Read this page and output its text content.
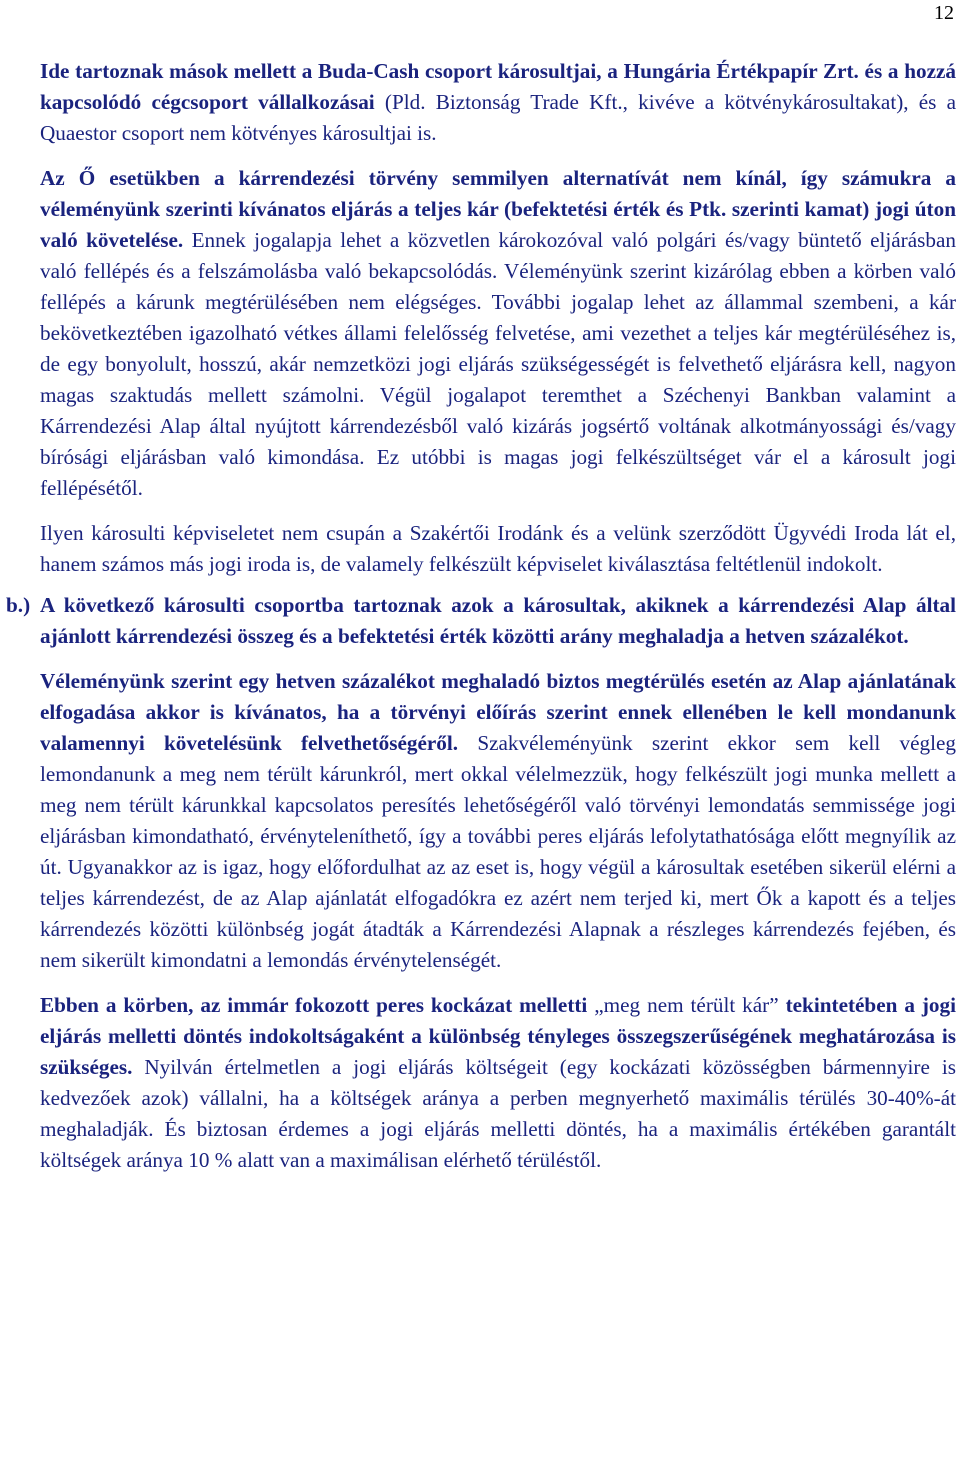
12

Ide tartoznak mások mellett a Buda-Cash csoport károsultjai, a Hungária Értékpapír Zrt. és a hozzá kapcsolódó cégcsoport vállalkozásai (Pld. Biztonság Trade Kft., kivéve a kötvénykárosultakat), és a Quaestor csoport nem kötvényes károsultjai is.

Az Ő esetükben a kárrendezési törvény semmilyen alternatívát nem kínál, így számukra a véleményünk szerinti kívánatos eljárás a teljes kár (befektetési érték és Ptk. szerinti kamat) jogi úton való követelése. Ennek jogalapja lehet a közvetlen károkozóval való polgári és/vagy büntető eljárásban való fellépés és a felszámolásba való bekapcsolódás. Véleményünk szerint kizárólag ebben a körben való fellépés a kárunk megtérülésében nem elégséges. További jogalap lehet az állammal szembeni, a kár bekövetkeztében igazolható vétkes állami felelősség felvetése, ami vezethet a teljes kár megtérüléséhez is, de egy bonyolult, hosszú, akár nemzetközi jogi eljárás szükségességét is felvethető eljárásra kell, nagyon magas szaktudás mellett számolni. Végül jogalapot teremthet a Széchenyi Bankban valamint a Kárrendezési Alap által nyújtott kárrendezésből való kizárás jogsértő voltának alkotmányossági és/vagy bírósági eljárásban való kimondása. Ez utóbbi is magas jogi felkészültséget vár el a károsult jogi fellépésétől.

Ilyen károsulti képviseletet nem csupán a Szakértői Irodánk és a velünk szerződött Ügyvédi Iroda lát el, hanem számos más jogi iroda is, de valamely felkészült képviselet kiválasztása feltétlenül indokolt.

b.) A következő károsulti csoportba tartoznak azok a károsultak, akiknek a kárrendezési Alap által ajánlott kárrendezési összeg és a befektetési érték közötti arány meghaladja a hetven százalékot.

Véleményünk szerint egy hetven százalékot meghaladó biztos megtérülés esetén az Alap ajánlatának elfogadása akkor is kívánatos, ha a törvényi előírás szerint ennek ellenében le kell mondanunk valamennyi követelésünk felvethetőségéről. Szakvéleményünk szerint ekkor sem kell végleg lemondanunk a meg nem térült kárunkról, mert okkal vélelmezzük, hogy felkészült jogi munka mellett a meg nem térült kárunkkal kapcsolatos peresítés lehetőségéről való törvényi lemondatás semmissége jogi eljárásban kimondatható, érvényteleníthető, így a további peres eljárás lefolytathatósága előtt megnyílik az út. Ugyanakkor az is igaz, hogy előfordulhat az az eset is, hogy végül a károsultak esetében sikerül elérni a teljes kárrendezést, de az Alap ajánlatát elfogadókra ez azért nem terjed ki, mert Ők a kapott és a teljes kárrendezés közötti különbség jogát átadták a Kárrendezési Alapnak a részleges kárrendezés fejében, és nem sikerült kimondatni a lemondás érvénytelenségét.

Ebben a körben, az immár fokozott peres kockázat melletti „meg nem térült kár” tekintetében a jogi eljárás melletti döntés indokoltságaként a különbség tényleges összegszerűségének meghatározása is szükséges. Nyilván értelmetlen a jogi eljárás költségeit (egy kockázati közösségben bármennyire is kedvezőek azok) vállalni, ha a költségek aránya a perben megnyerhető maximális térülés 30-40%-át meghaladják. És biztosan érdemes a jogi eljárás melletti döntés, ha a maximális értékében garantált költségek aránya 10 % alatt van a maximálisan elérhető térüléstől.
